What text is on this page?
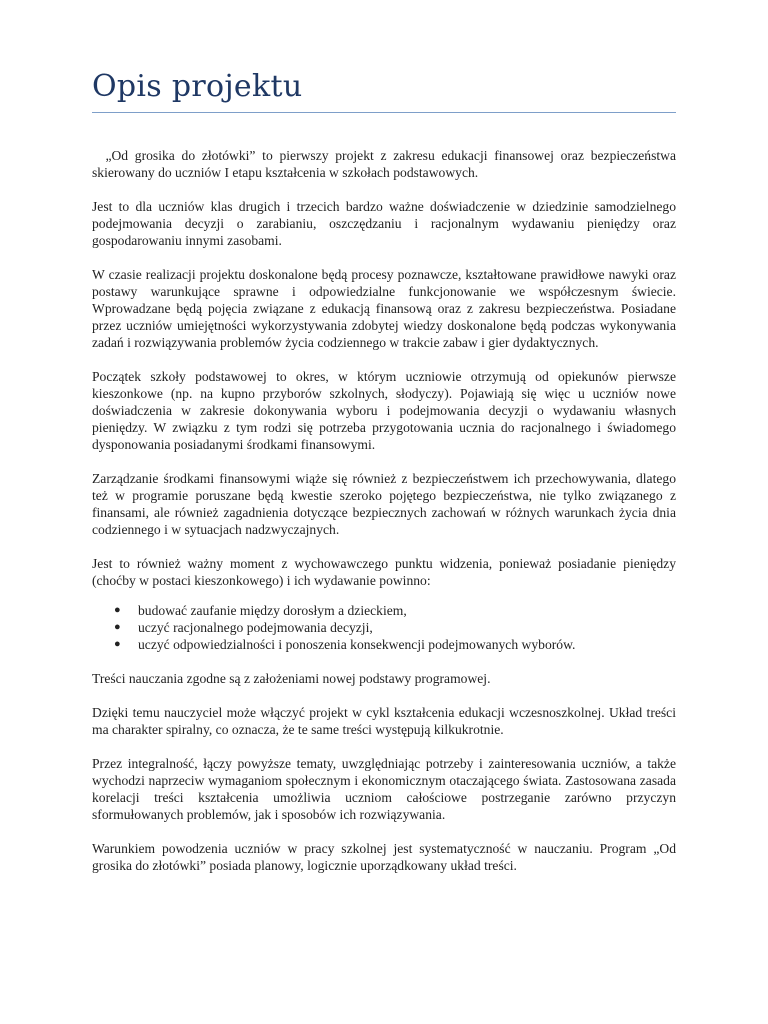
Opis projektu

„Od grosika do złotówki” to pierwszy projekt z zakresu edukacji finansowej oraz bezpieczeństwa skierowany do uczniów I etapu kształcenia w szkołach podstawowych.

Jest to dla uczniów klas drugich i trzecich bardzo ważne doświadczenie w dziedzinie samodzielnego podejmowania decyzji o zarabianiu, oszczędzaniu i racjonalnym wydawaniu pieniędzy oraz gospodarowaniu innymi zasobami.

W czasie realizacji projektu doskonalone będą procesy poznawcze, kształtowane prawidłowe nawyki oraz postawy warunkujące sprawne i odpowiedzialne funkcjonowanie we współczesnym świecie. Wprowadzane będą pojęcia związane z edukacją finansową oraz z zakresu bezpieczeństwa. Posiadane przez uczniów umiejętności wykorzystywania zdobytej wiedzy doskonalone będą podczas wykonywania zadań i rozwiązywania problemów życia codziennego w trakcie zabaw i gier dydaktycznych.

Początek szkoły podstawowej to okres, w którym uczniowie otrzymują od opiekunów pierwsze kieszonkowe (np. na kupno przyborów szkolnych, słodyczy). Pojawiają się więc u uczniów nowe doświadczenia w zakresie dokonywania wyboru i podejmowania decyzji o wydawaniu własnych pieniędzy. W związku z tym rodzi się potrzeba przygotowania ucznia do racjonalnego i świadomego dysponowania posiadanymi środkami finansowymi.

Zarządzanie środkami finansowymi wiąże się również z bezpieczeństwem ich przechowywania, dlatego też w programie poruszane będą kwestie szeroko pojętego bezpieczeństwa, nie tylko związanego z finansami, ale również zagadnienia dotyczące bezpiecznych zachowań w różnych warunkach życia dnia codziennego i w sytuacjach nadzwyczajnych.

Jest to również ważny moment z wychowawczego punktu widzenia, ponieważ posiadanie pieniędzy (choćby w postaci kieszonkowego) i ich wydawanie powinno:

● budować zaufanie między dorosłym a dzieckiem,
● uczyć racjonalnego podejmowania decyzji,
● uczyć odpowiedzialności i ponoszenia konsekwencji podejmowanych wyborów.

Treści nauczania zgodne są z założeniami nowej podstawy programowej.

Dzięki temu nauczyciel może włączyć projekt w cykl kształcenia edukacji wczesnoszkolnej. Układ treści ma charakter spiralny, co oznacza, że te same treści występują kilkukrotnie.

Przez integralność, łączy powyższe tematy, uwzględniając potrzeby i zainteresowania uczniów, a także wychodzi naprzeciw wymaganiom społecznym i ekonomicznym otaczającego świata. Zastosowana zasada korelacji treści kształcenia umożliwia uczniom całościowe postrzeganie zarówno przyczyn sformułowanych problemów, jak i sposobów ich rozwiązywania.

Warunkiem powodzenia uczniów w pracy szkolnej jest systematyczność w nauczaniu. Program „Od grosika do złotówki” posiada planowy, logicznie uporządkowany układ treści.
